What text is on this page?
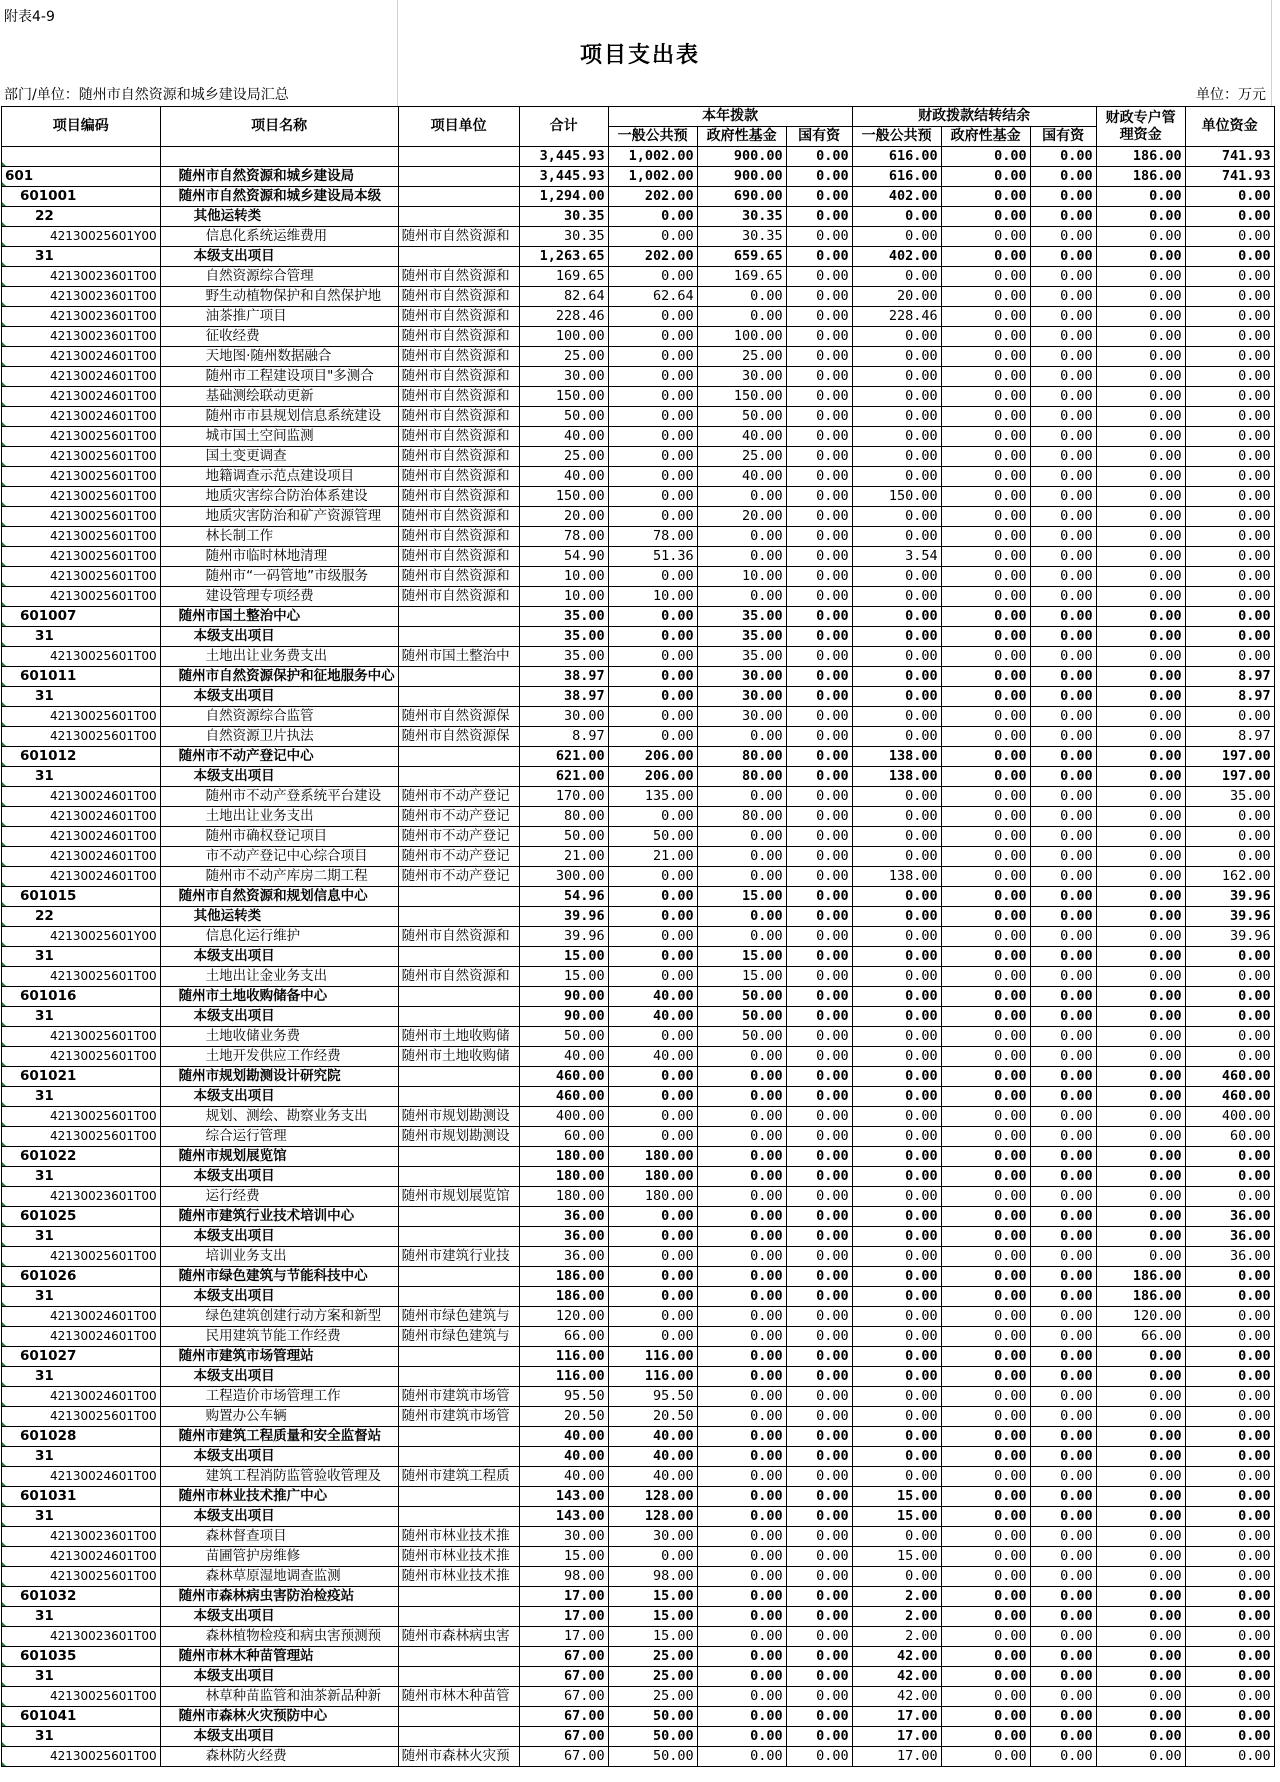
附表4-9
项目支出表
部门/单位：随州市自然资源和城乡建设局汇总	单位：万元
项目编码	项目名称	项目单位	合计	本年拨款			财政拨款结转结余			财政专户管理资金	单位资金
				一般公共预	政府性基金	国有资	一般公共预	政府性基金	国有资		
			3,445.93	1,002.00	900.00	0.00	616.00	0.00	0.00	186.00	741.93
601	随州市自然资源和城乡建设局		3,445.93	1,002.00	900.00	0.00	616.00	0.00	0.00	186.00	741.93
601001	随州市自然资源和城乡建设局本级		1,294.00	202.00	690.00	0.00	402.00	0.00	0.00	0.00	0.00
22	其他运转类		30.35	0.00	30.35	0.00	0.00	0.00	0.00	0.00	0.00
42130025601Y00	信息化系统运维费用	随州市自然资源和	30.35	0.00	30.35	0.00	0.00	0.00	0.00	0.00	0.00
31	本级支出项目		1,263.65	202.00	659.65	0.00	402.00	0.00	0.00	0.00	0.00
42130023601T00	自然资源综合管理	随州市自然资源和	169.65	0.00	169.65	0.00	0.00	0.00	0.00	0.00	0.00
42130023601T00	野生动植物保护和自然保护地	随州市自然资源和	82.64	62.64	0.00	0.00	20.00	0.00	0.00	0.00	0.00
42130023601T00	油茶推广项目	随州市自然资源和	228.46	0.00	0.00	0.00	228.46	0.00	0.00	0.00	0.00
42130023601T00	征收经费	随州市自然资源和	100.00	0.00	100.00	0.00	0.00	0.00	0.00	0.00	0.00
42130024601T00	天地图·随州数据融合	随州市自然资源和	25.00	0.00	25.00	0.00	0.00	0.00	0.00	0.00	0.00
42130024601T00	随州市工程建设项目"多测合	随州市自然资源和	30.00	0.00	30.00	0.00	0.00	0.00	0.00	0.00	0.00
42130024601T00	基础测绘联动更新	随州市自然资源和	150.00	0.00	150.00	0.00	0.00	0.00	0.00	0.00	0.00
42130024601T00	随州市市县规划信息系统建设	随州市自然资源和	50.00	0.00	50.00	0.00	0.00	0.00	0.00	0.00	0.00
42130025601T00	城市国土空间监测	随州市自然资源和	40.00	0.00	40.00	0.00	0.00	0.00	0.00	0.00	0.00
42130025601T00	国土变更调查	随州市自然资源和	25.00	0.00	25.00	0.00	0.00	0.00	0.00	0.00	0.00
42130025601T00	地籍调查示范点建设项目	随州市自然资源和	40.00	0.00	40.00	0.00	0.00	0.00	0.00	0.00	0.00
42130025601T00	地质灾害综合防治体系建设	随州市自然资源和	150.00	0.00	0.00	0.00	150.00	0.00	0.00	0.00	0.00
42130025601T00	地质灾害防治和矿产资源管理	随州市自然资源和	20.00	0.00	20.00	0.00	0.00	0.00	0.00	0.00	0.00
42130025601T00	林长制工作	随州市自然资源和	78.00	78.00	0.00	0.00	0.00	0.00	0.00	0.00	0.00
42130025601T00	随州市临时林地清理	随州市自然资源和	54.90	51.36	0.00	0.00	3.54	0.00	0.00	0.00	0.00
42130025601T00	随州市“一码管地”市级服务	随州市自然资源和	10.00	0.00	10.00	0.00	0.00	0.00	0.00	0.00	0.00
42130025601T00	建设管理专项经费	随州市自然资源和	10.00	10.00	0.00	0.00	0.00	0.00	0.00	0.00	0.00
601007	随州市国土整治中心		35.00	0.00	35.00	0.00	0.00	0.00	0.00	0.00	0.00
31	本级支出项目		35.00	0.00	35.00	0.00	0.00	0.00	0.00	0.00	0.00
42130025601T00	土地出让业务费支出	随州市国土整治中	35.00	0.00	35.00	0.00	0.00	0.00	0.00	0.00	0.00
601011	随州市自然资源保护和征地服务中心		38.97	0.00	30.00	0.00	0.00	0.00	0.00	0.00	8.97
31	本级支出项目		38.97	0.00	30.00	0.00	0.00	0.00	0.00	0.00	8.97
42130025601T00	自然资源综合监管	随州市自然资源保	30.00	0.00	30.00	0.00	0.00	0.00	0.00	0.00	0.00
42130025601T00	自然资源卫片执法	随州市自然资源保	8.97	0.00	0.00	0.00	0.00	0.00	0.00	0.00	8.97
601012	随州市不动产登记中心		621.00	206.00	80.00	0.00	138.00	0.00	0.00	0.00	197.00
31	本级支出项目		621.00	206.00	80.00	0.00	138.00	0.00	0.00	0.00	197.00
42130024601T00	随州市不动产登系统平台建设	随州市不动产登记	170.00	135.00	0.00	0.00	0.00	0.00	0.00	0.00	35.00
42130024601T00	土地出让业务支出	随州市不动产登记	80.00	0.00	80.00	0.00	0.00	0.00	0.00	0.00	0.00
42130024601T00	随州市确权登记项目	随州市不动产登记	50.00	50.00	0.00	0.00	0.00	0.00	0.00	0.00	0.00
42130024601T00	市不动产登记中心综合项目	随州市不动产登记	21.00	21.00	0.00	0.00	0.00	0.00	0.00	0.00	0.00
42130024601T00	随州市不动产库房二期工程	随州市不动产登记	300.00	0.00	0.00	0.00	138.00	0.00	0.00	0.00	162.00
601015	随州市自然资源和规划信息中心		54.96	0.00	15.00	0.00	0.00	0.00	0.00	0.00	39.96
22	其他运转类		39.96	0.00	0.00	0.00	0.00	0.00	0.00	0.00	39.96
42130025601Y00	信息化运行维护	随州市自然资源和	39.96	0.00	0.00	0.00	0.00	0.00	0.00	0.00	39.96
31	本级支出项目		15.00	0.00	15.00	0.00	0.00	0.00	0.00	0.00	0.00
42130025601T00	土地出让金业务支出	随州市自然资源和	15.00	0.00	15.00	0.00	0.00	0.00	0.00	0.00	0.00
601016	随州市土地收购储备中心		90.00	40.00	50.00	0.00	0.00	0.00	0.00	0.00	0.00
31	本级支出项目		90.00	40.00	50.00	0.00	0.00	0.00	0.00	0.00	0.00
42130025601T00	土地收储业务费	随州市土地收购储	50.00	0.00	50.00	0.00	0.00	0.00	0.00	0.00	0.00
42130025601T00	土地开发供应工作经费	随州市土地收购储	40.00	40.00	0.00	0.00	0.00	0.00	0.00	0.00	0.00
601021	随州市规划勘测设计研究院		460.00	0.00	0.00	0.00	0.00	0.00	0.00	0.00	460.00
31	本级支出项目		460.00	0.00	0.00	0.00	0.00	0.00	0.00	0.00	460.00
42130025601T00	规划、测绘、勘察业务支出	随州市规划勘测设	400.00	0.00	0.00	0.00	0.00	0.00	0.00	0.00	400.00
42130025601T00	综合运行管理	随州市规划勘测设	60.00	0.00	0.00	0.00	0.00	0.00	0.00	0.00	60.00
601022	随州市规划展览馆		180.00	180.00	0.00	0.00	0.00	0.00	0.00	0.00	0.00
31	本级支出项目		180.00	180.00	0.00	0.00	0.00	0.00	0.00	0.00	0.00
42130023601T00	运行经费	随州市规划展览馆	180.00	180.00	0.00	0.00	0.00	0.00	0.00	0.00	0.00
601025	随州市建筑行业技术培训中心		36.00	0.00	0.00	0.00	0.00	0.00	0.00	0.00	36.00
31	本级支出项目		36.00	0.00	0.00	0.00	0.00	0.00	0.00	0.00	36.00
42130025601T00	培训业务支出	随州市建筑行业技	36.00	0.00	0.00	0.00	0.00	0.00	0.00	0.00	36.00
601026	随州市绿色建筑与节能科技中心		186.00	0.00	0.00	0.00	0.00	0.00	0.00	186.00	0.00
31	本级支出项目		186.00	0.00	0.00	0.00	0.00	0.00	0.00	186.00	0.00
42130024601T00	绿色建筑创建行动方案和新型	随州市绿色建筑与	120.00	0.00	0.00	0.00	0.00	0.00	0.00	120.00	0.00
42130024601T00	民用建筑节能工作经费	随州市绿色建筑与	66.00	0.00	0.00	0.00	0.00	0.00	0.00	66.00	0.00
601027	随州市建筑市场管理站		116.00	116.00	0.00	0.00	0.00	0.00	0.00	0.00	0.00
31	本级支出项目		116.00	116.00	0.00	0.00	0.00	0.00	0.00	0.00	0.00
42130024601T00	工程造价市场管理工作	随州市建筑市场管	95.50	95.50	0.00	0.00	0.00	0.00	0.00	0.00	0.00
42130025601T00	购置办公车辆	随州市建筑市场管	20.50	20.50	0.00	0.00	0.00	0.00	0.00	0.00	0.00
601028	随州市建筑工程质量和安全监督站		40.00	40.00	0.00	0.00	0.00	0.00	0.00	0.00	0.00
31	本级支出项目		40.00	40.00	0.00	0.00	0.00	0.00	0.00	0.00	0.00
42130024601T00	建筑工程消防监管验收管理及	随州市建筑工程质	40.00	40.00	0.00	0.00	0.00	0.00	0.00	0.00	0.00
601031	随州市林业技术推广中心		143.00	128.00	0.00	0.00	15.00	0.00	0.00	0.00	0.00
31	本级支出项目		143.00	128.00	0.00	0.00	15.00	0.00	0.00	0.00	0.00
42130023601T00	森林督查项目	随州市林业技术推	30.00	30.00	0.00	0.00	0.00	0.00	0.00	0.00	0.00
42130024601T00	苗圃管护房维修	随州市林业技术推	15.00	0.00	0.00	0.00	15.00	0.00	0.00	0.00	0.00
42130025601T00	森林草原湿地调查监测	随州市林业技术推	98.00	98.00	0.00	0.00	0.00	0.00	0.00	0.00	0.00
601032	随州市森林病虫害防治检疫站		17.00	15.00	0.00	0.00	2.00	0.00	0.00	0.00	0.00
31	本级支出项目		17.00	15.00	0.00	0.00	2.00	0.00	0.00	0.00	0.00
42130023601T00	森林植物检疫和病虫害预测预	随州市森林病虫害	17.00	15.00	0.00	0.00	2.00	0.00	0.00	0.00	0.00
601035	随州市林木种苗管理站		67.00	25.00	0.00	0.00	42.00	0.00	0.00	0.00	0.00
31	本级支出项目		67.00	25.00	0.00	0.00	42.00	0.00	0.00	0.00	0.00
42130025601T00	林草种苗监管和油茶新品种新	随州市林木种苗管	67.00	25.00	0.00	0.00	42.00	0.00	0.00	0.00	0.00
601041	随州市森林火灾预防中心		67.00	50.00	0.00	0.00	17.00	0.00	0.00	0.00	0.00
31	本级支出项目		67.00	50.00	0.00	0.00	17.00	0.00	0.00	0.00	0.00
42130025601T00	森林防火经费	随州市森林火灾预	67.00	50.00	0.00	0.00	17.00	0.00	0.00	0.00	0.00
